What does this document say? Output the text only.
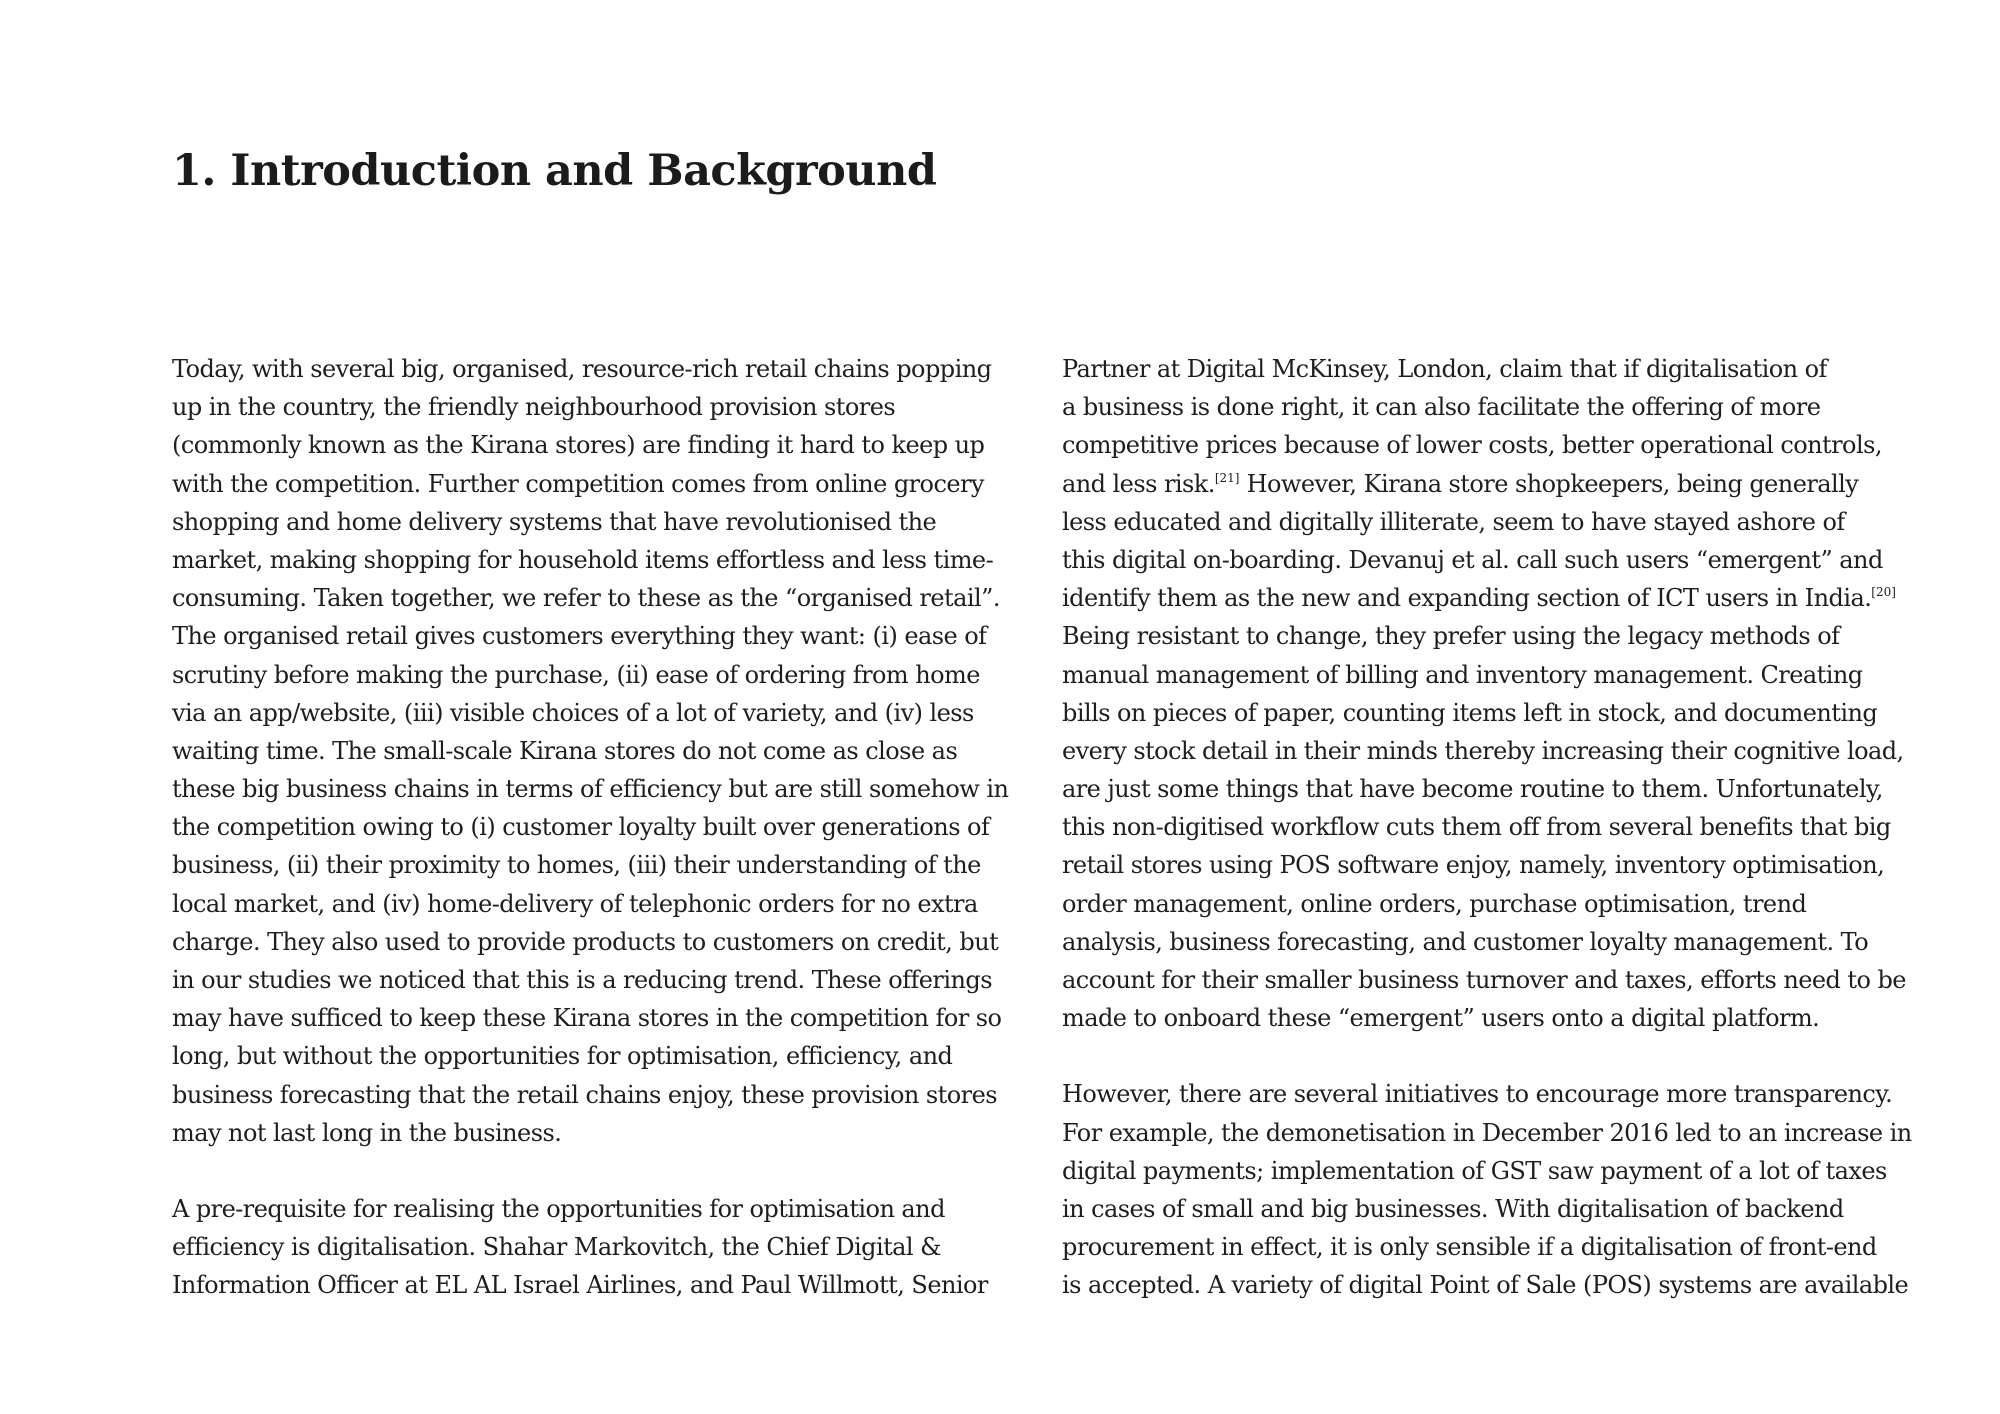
1. Introduction and Background

Today, with several big, organised, resource-rich retail chains popping
up in the country, the friendly neighbourhood provision stores
(commonly known as the Kirana stores) are finding it hard to keep up
with the competition. Further competition comes from online grocery
shopping and home delivery systems that have revolutionised the
market, making shopping for household items effortless and less time-
consuming. Taken together, we refer to these as the “organised retail”.
The organised retail gives customers everything they want: (i) ease of
scrutiny before making the purchase, (ii) ease of ordering from home
via an app/website, (iii) visible choices of a lot of variety, and (iv) less
waiting time. The small-scale Kirana stores do not come as close as
these big business chains in terms of efficiency but are still somehow in
the competition owing to (i) customer loyalty built over generations of
business, (ii) their proximity to homes, (iii) their understanding of the
local market, and (iv) home-delivery of telephonic orders for no extra
charge. They also used to provide products to customers on credit, but
in our studies we noticed that this is a reducing trend. These offerings
may have sufficed to keep these Kirana stores in the competition for so
long, but without the opportunities for optimisation, efficiency, and
business forecasting that the retail chains enjoy, these provision stores
may not last long in the business.

A pre-requisite for realising the opportunities for optimisation and
efficiency is digitalisation. Shahar Markovitch, the Chief Digital &
Information Officer at EL AL Israel Airlines, and Paul Willmott, Senior

Partner at Digital McKinsey, London, claim that if digitalisation of
a business is done right, it can also facilitate the offering of more
competitive prices because of lower costs, better operational controls,
and less risk.[21] However, Kirana store shopkeepers, being generally
less educated and digitally illiterate, seem to have stayed ashore of
this digital on-boarding. Devanuj et al. call such users “emergent” and
identify them as the new and expanding section of ICT users in India.[20]
Being resistant to change, they prefer using the legacy methods of
manual management of billing and inventory management. Creating
bills on pieces of paper, counting items left in stock, and documenting
every stock detail in their minds thereby increasing their cognitive load,
are just some things that have become routine to them. Unfortunately,
this non-digitised workflow cuts them off from several benefits that big
retail stores using POS software enjoy, namely, inventory optimisation,
order management, online orders, purchase optimisation, trend
analysis, business forecasting, and customer loyalty management. To
account for their smaller business turnover and taxes, efforts need to be
made to onboard these “emergent” users onto a digital platform.

However, there are several initiatives to encourage more transparency.
For example, the demonetisation in December 2016 led to an increase in
digital payments; implementation of GST saw payment of a lot of taxes
in cases of small and big businesses. With digitalisation of backend
procurement in effect, it is only sensible if a digitalisation of front-end
is accepted. A variety of digital Point of Sale (POS) systems are available
